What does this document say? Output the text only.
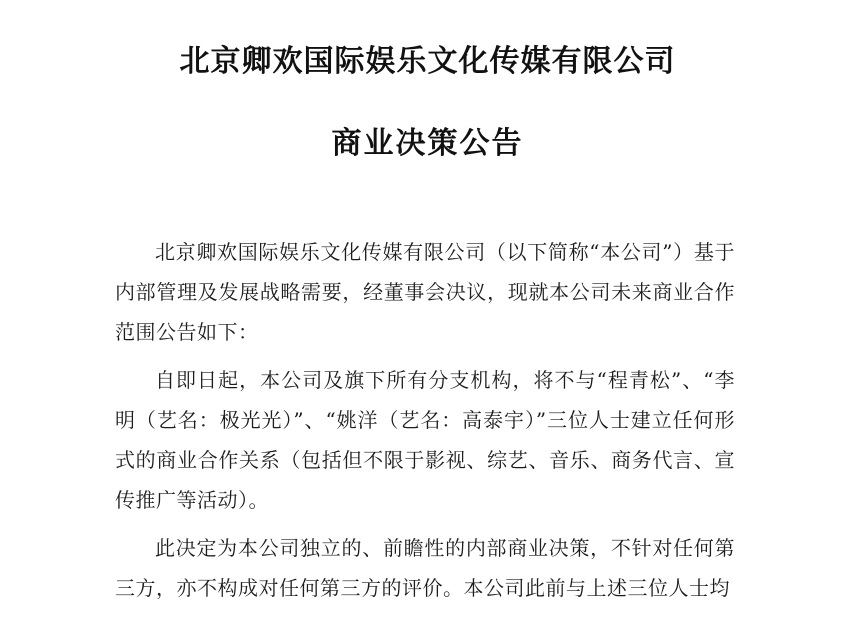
北京卿欢国际娱乐文化传媒有限公司
商业决策公告

北京卿欢国际娱乐文化传媒有限公司（以下简称“本公司”）基于内部管理及发展战略需要，经董事会决议，现就本公司未来商业合作范围公告如下：

自即日起，本公司及旗下所有分支机构，将不与“程青松”、“李明（艺名：极光光）”、“姚洋（艺名：高泰宇）”三位人士建立任何形式的商业合作关系（包括但不限于影视、综艺、音乐、商务代言、宣传推广等活动）。

此决定为本公司独立的、前瞻性的内部商业决策，不针对任何第三方，亦不构成对任何第三方的评价。本公司此前与上述三位人士均
